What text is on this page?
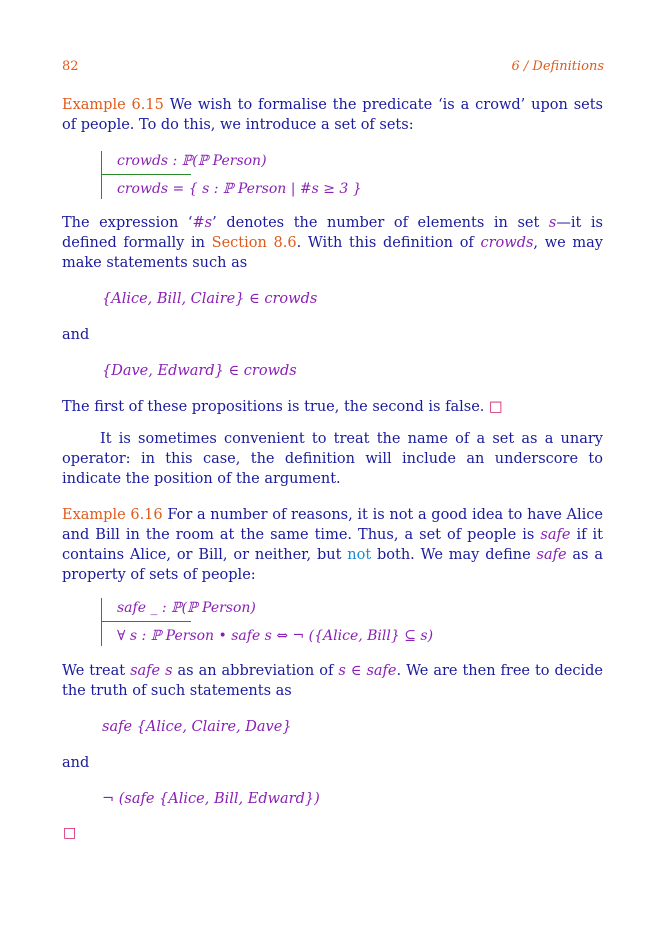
82	6 / Definitions

Example 6.15 We wish to formalise the predicate ‘is a crowd’ upon sets of people. To do this, we introduce a set of sets:

crowds : ℙ(ℙ Person)
crowds = { s : ℙ Person | #s ≥ 3 }

The expression ‘#s’ denotes the number of elements in set s—it is defined formally in Section 8.6. With this definition of crowds, we may make statements such as

{Alice, Bill, Claire} ∈ crowds
and
{Dave, Edward} ∈ crowds

The first of these propositions is true, the second is false. □

It is sometimes convenient to treat the name of a set as a unary operator: in this case, the definition will include an underscore to indicate the position of the argument.

Example 6.16 For a number of reasons, it is not a good idea to have Alice and Bill in the room at the same time. Thus, a set of people is safe if it contains Alice, or Bill, or neither, but not both. We may define safe as a property of sets of people:

safe _ : ℙ(ℙ Person)
∀ s : ℙ Person • safe s ⇔ ¬ ({Alice, Bill} ⊆ s)

We treat safe s as an abbreviation of s ∈ safe. We are then free to decide the truth of such statements as

safe {Alice, Claire, Dave}
and
¬ (safe {Alice, Bill, Edward})
□
